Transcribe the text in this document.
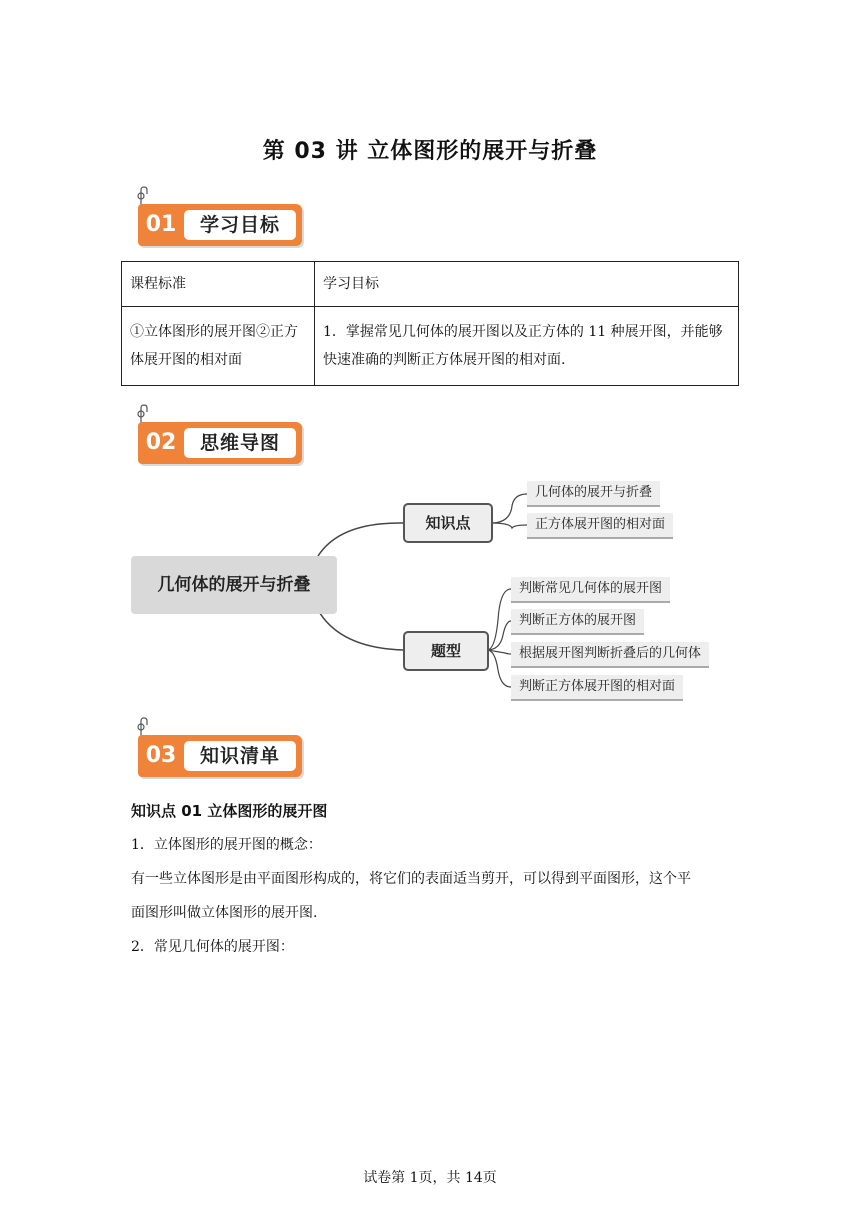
第 03 讲 立体图形的展开与折叠
01	学习目标
课程标准	学习目标
①立体图形的展开图②正方体展开图的相对面	1．掌握常见几何体的展开图以及正方体的 11 种展开图，并能够快速准确的判断正方体展开图的相对面.
02	思维导图
几何体的展开与折叠
知识点
题型
几何体的展开与折叠
正方体展开图的相对面
判断常见几何体的展开图
判断正方体的展开图
根据展开图判断折叠后的几何体
判断正方体展开图的相对面
03	知识清单
知识点 01 立体图形的展开图
1．立体图形的展开图的概念：
有一些立体图形是由平面图形构成的，将它们的表面适当剪开，可以得到平面图形，这个平
面图形叫做立体图形的展开图.
2．常见几何体的展开图：
试卷第 1页，共 14页
